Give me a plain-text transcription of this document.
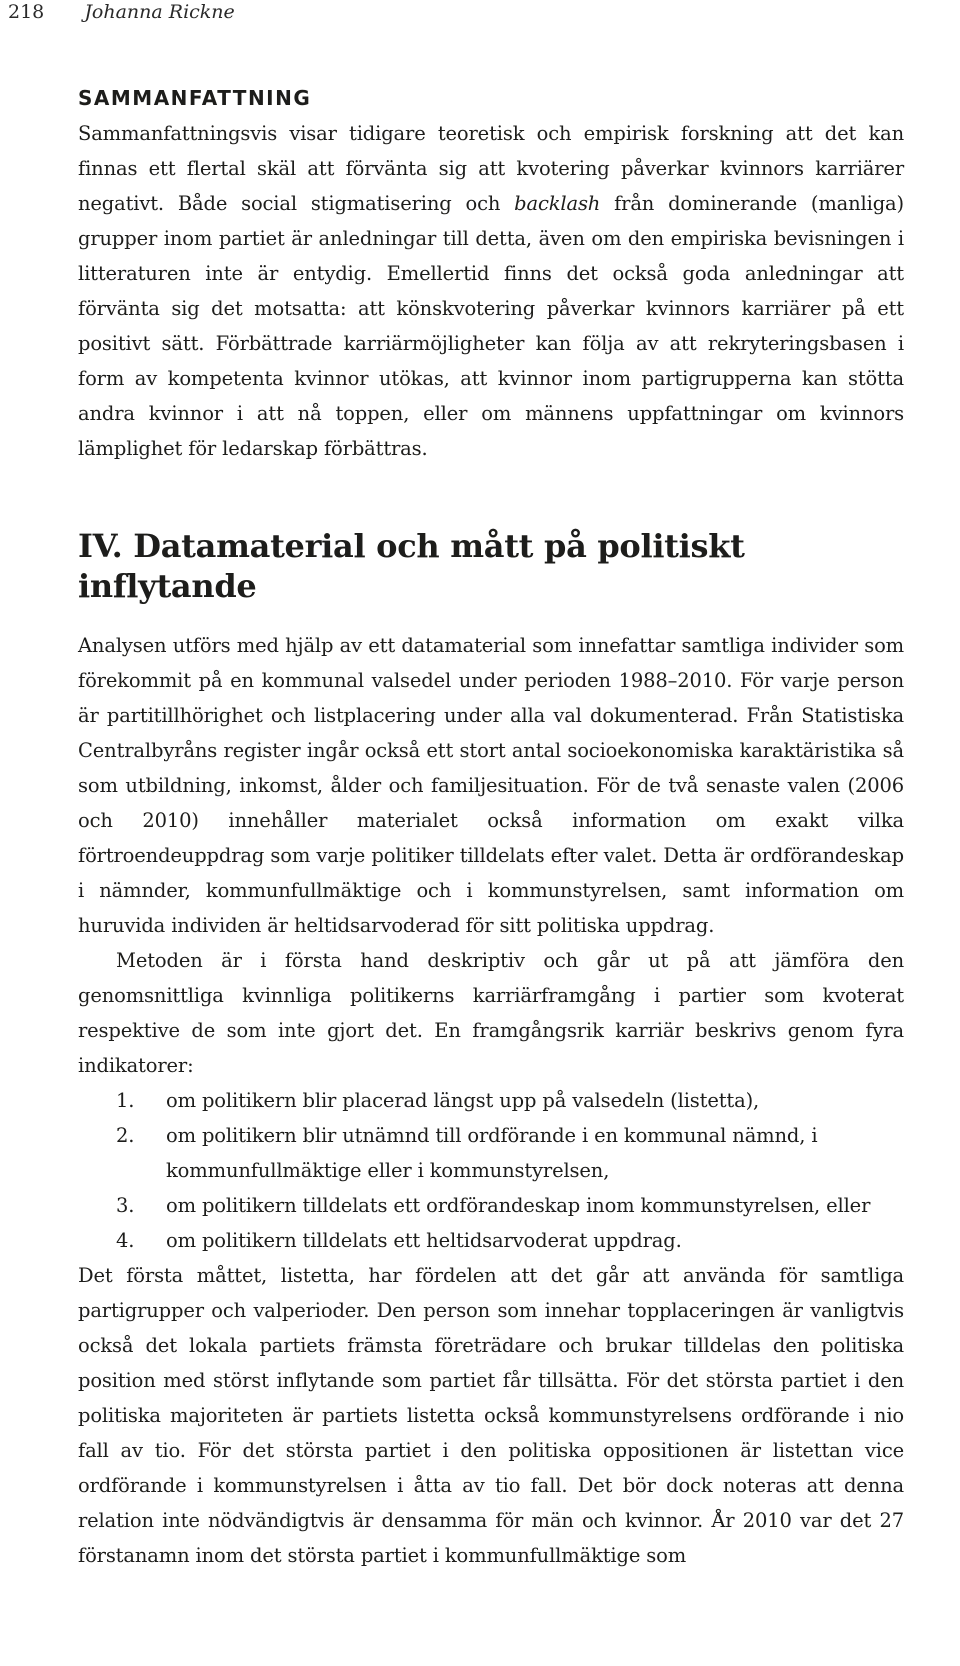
218 Johanna Rickne
SAMMANFATTNING

Sammanfattningsvis visar tidigare teoretisk och empirisk forskning att det kan finnas ett flertal skäl att förvänta sig att kvotering påverkar kvinnors karriärer negativt. Både social stigmatisering och backlash från dominerande (manliga) grupper inom partiet är anledningar till detta, även om den empiriska bevisningen i litteraturen inte är entydig. Emellertid finns det också goda anledningar att förvänta sig det motsatta: att könskvotering påverkar kvinnors karriärer på ett positivt sätt. Förbättrade karriärmöjligheter kan följa av att rekryteringsbasen i form av kompetenta kvinnor utökas, att kvinnor inom partigrupperna kan stötta andra kvinnor i att nå toppen, eller om männens uppfattningar om kvinnors lämplighet för ledarskap förbättras.

IV. Datamaterial och mått på politiskt inflytande

Analysen utförs med hjälp av ett datamaterial som innefattar samtliga individer som förekommit på en kommunal valsedel under perioden 1988–2010. För varje person är partitillhörighet och listplacering under alla val dokumenterad. Från Statistiska Centralbyråns register ingår också ett stort antal socioekonomiska karaktäristika så som utbildning, inkomst, ålder och familjesituation. För de två senaste valen (2006 och 2010) innehåller materialet också information om exakt vilka förtroendeuppdrag som varje politiker tilldelats efter valet. Detta är ordförandeskap i nämnder, kommunfullmäktige och i kommunstyrelsen, samt information om huruvida individen är heltidsarvoderad för sitt politiska uppdrag.

Metoden är i första hand deskriptiv och går ut på att jämföra den genomsnittliga kvinnliga politikerns karriärframgång i partier som kvoterat respektive de som inte gjort det. En framgångsrik karriär beskrivs genom fyra indikatorer:

1. om politikern blir placerad längst upp på valsedeln (listetta),
2. om politikern blir utnämnd till ordförande i en kommunal nämnd, i kommunfullmäktige eller i kommunstyrelsen,
3. om politikern tilldelats ett ordförandeskap inom kommunstyrelsen, eller
4. om politikern tilldelats ett heltidsarvoderat uppdrag.

Det första måttet, listetta, har fördelen att det går att använda för samtliga partigrupper och valperioder. Den person som innehar topplaceringen är vanligtvis också det lokala partiets främsta företrädare och brukar tilldelas den politiska position med störst inflytande som partiet får tillsätta. För det största partiet i den politiska majoriteten är partiets listetta också kommunstyrelsens ordförande i nio fall av tio. För det största partiet i den politiska oppositionen är listettan vice ordförande i kommunstyrelsen i åtta av tio fall. Det bör dock noteras att denna relation inte nödvändigtvis är densamma för män och kvinnor. År 2010 var det 27 förstanamn inom det största partiet i kommunfullmäktige som
